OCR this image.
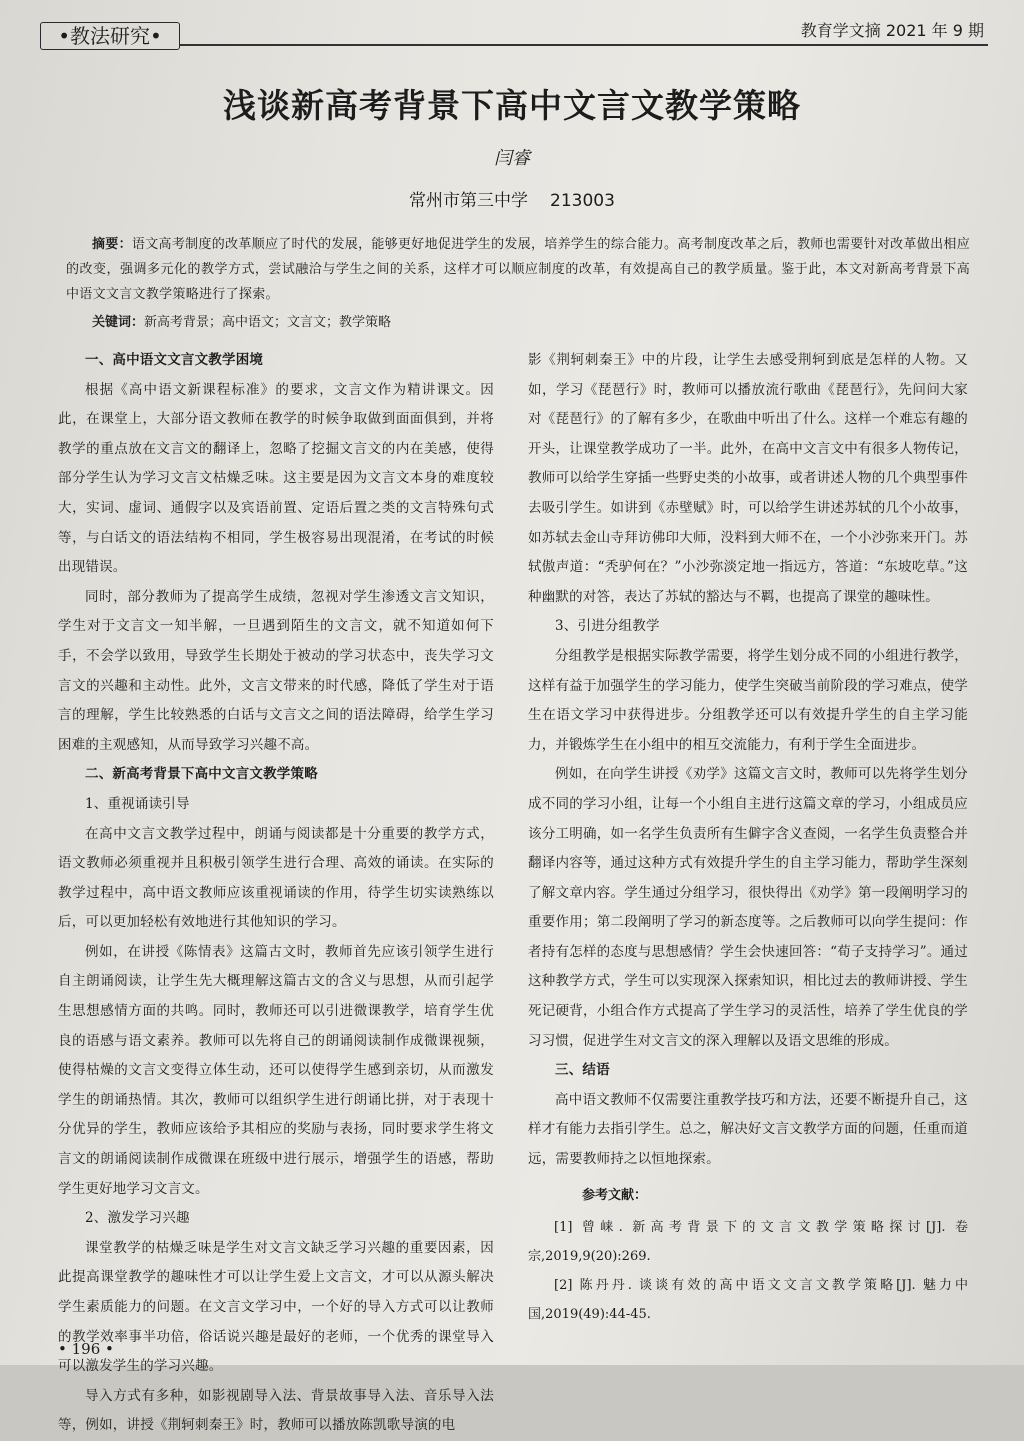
•教法研究•	教育学文摘 2021 年 9 期
浅谈新高考背景下高中文言文教学策略
闫睿
常州市第三中学 213003

摘要：语文高考制度的改革顺应了时代的发展，能够更好地促进学生的发展，培养学生的综合能力。高考制度改革之后，教师也需要针对改革做出相应的改变，强调多元化的教学方式，尝试融洽与学生之间的关系，这样才可以顺应制度的改革，有效提高自己的教学质量。鉴于此，本文对新高考背景下高中语文文言文教学策略进行了探索。

关键词：新高考背景；高中语文；文言文；教学策略

一、高中语文文言文教学困境

根据《高中语文新课程标准》的要求，文言文作为精讲课文。因此，在课堂上，大部分语文教师在教学的时候争取做到面面俱到，并将教学的重点放在文言文的翻译上，忽略了挖掘文言文的内在美感，使得部分学生认为学习文言文枯燥乏味。这主要是因为文言文本身的难度较大，实词、虚词、通假字以及宾语前置、定语后置之类的文言特殊句式等，与白话文的语法结构不相同，学生极容易出现混淆，在考试的时候出现错误。

同时，部分教师为了提高学生成绩，忽视对学生渗透文言文知识，学生对于文言文一知半解，一旦遇到陌生的文言文，就不知道如何下手，不会学以致用，导致学生长期处于被动的学习状态中，丧失学习文言文的兴趣和主动性。此外，文言文带来的时代感，降低了学生对于语言的理解，学生比较熟悉的白话与文言文之间的语法障碍，给学生学习困难的主观感知，从而导致学习兴趣不高。

二、新高考背景下高中文言文教学策略

1、重视诵读引导

在高中文言文教学过程中，朗诵与阅读都是十分重要的教学方式，语文教师必须重视并且积极引领学生进行合理、高效的诵读。在实际的教学过程中，高中语文教师应该重视诵读的作用，待学生切实读熟练以后，可以更加轻松有效地进行其他知识的学习。

例如，在讲授《陈情表》这篇古文时，教师首先应该引领学生进行自主朗诵阅读，让学生先大概理解这篇古文的含义与思想，从而引起学生思想感情方面的共鸣。同时，教师还可以引进微课教学，培育学生优良的语感与语文素养。教师可以先将自己的朗诵阅读制作成微课视频，使得枯燥的文言文变得立体生动，还可以使得学生感到亲切，从而激发学生的朗诵热情。其次，教师可以组织学生进行朗诵比拼，对于表现十分优异的学生，教师应该给予其相应的奖励与表扬，同时要求学生将文言文的朗诵阅读制作成微课在班级中进行展示，增强学生的语感，帮助学生更好地学习文言文。

2、激发学习兴趣

课堂教学的枯燥乏味是学生对文言文缺乏学习兴趣的重要因素，因此提高课堂教学的趣味性才可以让学生爱上文言文，才可以从源头解决学生素质能力的问题。在文言文学习中，一个好的导入方式可以让教师的教学效率事半功倍，俗话说兴趣是最好的老师，一个优秀的课堂导入可以激发学生的学习兴趣。

导入方式有多种，如影视剧导入法、背景故事导入法、音乐导入法等，例如，讲授《荆轲刺秦王》时，教师可以播放陈凯歌导演的电

影《荆轲刺秦王》中的片段，让学生去感受荆轲到底是怎样的人物。又如，学习《琵琶行》时，教师可以播放流行歌曲《琵琶行》，先问问大家对《琵琶行》的了解有多少，在歌曲中听出了什么。这样一个难忘有趣的开头，让课堂教学成功了一半。此外，在高中文言文中有很多人物传记，教师可以给学生穿插一些野史类的小故事，或者讲述人物的几个典型事件去吸引学生。如讲到《赤壁赋》时，可以给学生讲述苏轼的几个小故事，如苏轼去金山寺拜访佛印大师，没料到大师不在，一个小沙弥来开门。苏轼傲声道：“秃驴何在？”小沙弥淡定地一指远方，答道：“东坡吃草。”这种幽默的对答，表达了苏轼的豁达与不羁，也提高了课堂的趣味性。

3、引进分组教学

分组教学是根据实际教学需要，将学生划分成不同的小组进行教学，这样有益于加强学生的学习能力，使学生突破当前阶段的学习难点，使学生在语文学习中获得进步。分组教学还可以有效提升学生的自主学习能力，并锻炼学生在小组中的相互交流能力，有利于学生全面进步。

例如，在向学生讲授《劝学》这篇文言文时，教师可以先将学生划分成不同的学习小组，让每一个小组自主进行这篇文章的学习，小组成员应该分工明确，如一名学生负责所有生僻字含义查阅，一名学生负责整合并翻译内容等，通过这种方式有效提升学生的自主学习能力，帮助学生深刻了解文章内容。学生通过分组学习，很快得出《劝学》第一段阐明学习的重要作用；第二段阐明了学习的新态度等。之后教师可以向学生提问：作者持有怎样的态度与思想感情？学生会快速回答：“荀子支持学习”。通过这种教学方式，学生可以实现深入探索知识，相比过去的教师讲授、学生死记硬背，小组合作方式提高了学生学习的灵活性，培养了学生优良的学习习惯，促进学生对文言文的深入理解以及语文思维的形成。

三、结语

高中语文教师不仅需要注重教学技巧和方法，还要不断提升自己，这样才有能力去指引学生。总之，解决好文言文教学方面的问题，任重而道远，需要教师持之以恒地探索。

参考文献：

[1] 曾崃. 新高考背景下的文言文教学策略探讨[J]. 卷宗,2019,9(20):269.

[2] 陈丹丹. 谈谈有效的高中语文文言文教学策略[J]. 魅力中国,2019(49):44-45.

• 196 •
